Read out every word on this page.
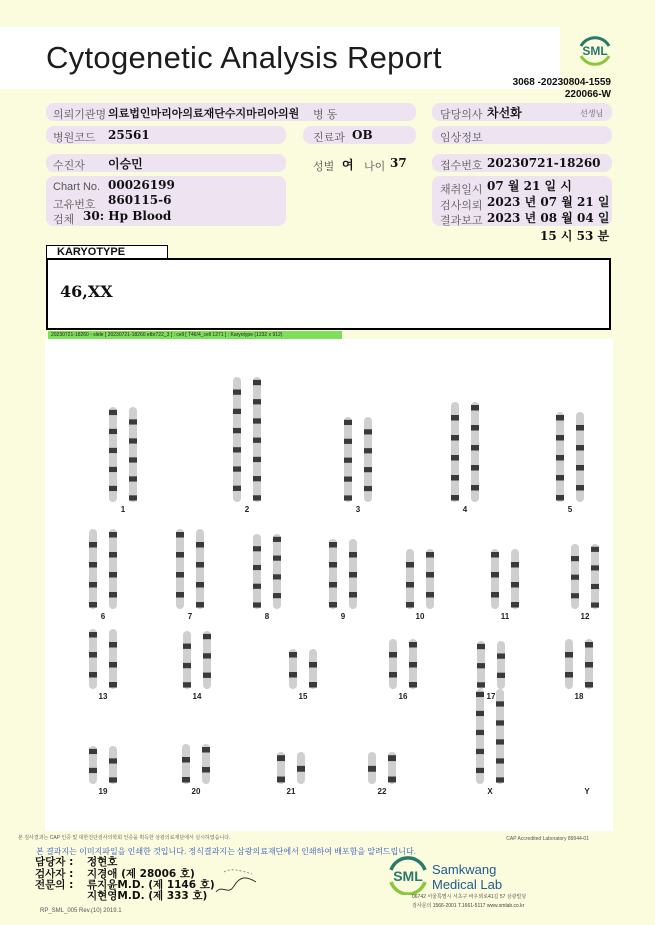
Cytogenetic Analysis Report	SML
3068 -20230804-1559
220066-W
의뢰기관명 의료법인마리아의료재단수지마리아의원 병 동	담당의사 차선화	선생님
병원코드 25561	진료과 OB	임상정보
수진자 이승민	성별 여 나이 37	접수번호 20230721-18260
Chart No. 00026199
고유번호 860115-6
검체 30: Hp Blood
채취일시 07 월 21 일 시
검사의뢰 2023 년 07 월 21 일
결과보고 2023 년 08 월 04 일
15 시 53 분
KARYOTYPE
46,XX
20230721-18260 - slide [ 20230721-18260 etbr722_3 ] : cell [ T46/4_cell 1271 ] : Karyotype (1232 x 912)
1	2	3	4	5
6	7	8	9	10	11	12
13	14	15	16	17	18
19	20	21	22	X	Y
본 검사결과는 CAP 인증 및 대한진단검사의학회 인증을 획득한 삼광의료재단에서 실시하였습니다.	CAP Accredited Laboratory 89944-01
본 결과지는 이미지파일을 인쇄한 것입니다. 정식결과지는 삼광의료재단에서 인쇄하여 배포함을 알려드립니다.
담당자 : 정현호
검사자 : 지경애 (제 28006 호)
전문의 : 류지윤M.D. (제 1146 호)
지현영M.D. (제 333 호)
SML Samkwang
Medical Lab
06742 서울특별시 서초구 바우뫼로41길 57 삼광빌딩
검사문의 1566-2001 T.1661-5117 www.smlab.co.kr
RP_SML_005 Rev.(10) 2019.1
